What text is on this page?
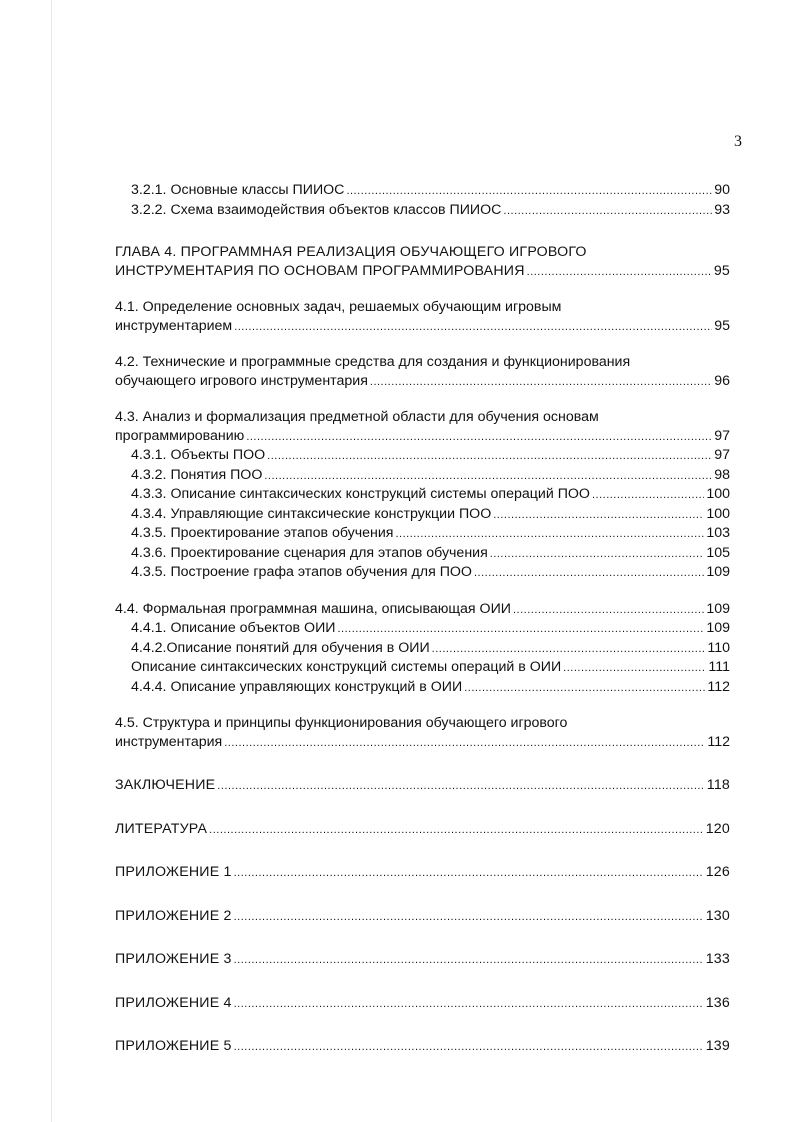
3
3.2.1. Основные классы ПИИОС .....	90
3.2.2. Схема взаимодействия объектов классов ПИИОС .....	93
ГЛАВА 4. ПРОГРАММНАЯ РЕАЛИЗАЦИЯ ОБУЧАЮЩЕГО ИГРОВОГО
ИНСТРУМЕНТАРИЯ ПО ОСНОВАМ ПРОГРАММИРОВАНИЯ .....	95
4.1. Определение основных задач, решаемых обучающим игровым
инструментарием .....	95
4.2. Технические и программные средства для создания и функционирования
обучающего игрового инструментария .....	96
4.3. Анализ и формализация предметной области для обучения основам
программированию .....	97
4.3.1. Объекты ПОО .....	97
4.3.2. Понятия ПОО .....	98
4.3.3. Описание синтаксических конструкций системы операций ПОО .....	100
4.3.4. Управляющие синтаксические конструкции ПОО .....	100
4.3.5. Проектирование этапов обучения .....	103
4.3.6. Проектирование сценария для этапов обучения .....	105
4.3.5. Построение графа этапов обучения для ПОО .....	109
4.4. Формальная программная машина, описывающая ОИИ .....	109
4.4.1. Описание объектов ОИИ .....	109
4.4.2.Описание понятий для обучения в ОИИ .....	110
Описание синтаксических конструкций системы операций в ОИИ .....	111
4.4.4. Описание управляющих конструкций в ОИИ .....	112
4.5. Структура и принципы функционирования обучающего игрового
инструментария .....	112
ЗАКЛЮЧЕНИЕ .....	118
ЛИТЕРАТУРА .....	120
ПРИЛОЖЕНИЕ 1 .....	126
ПРИЛОЖЕНИЕ 2 .....	130
ПРИЛОЖЕНИЕ 3 .....	133
ПРИЛОЖЕНИЕ 4 .....	136
ПРИЛОЖЕНИЕ 5 .....	139
